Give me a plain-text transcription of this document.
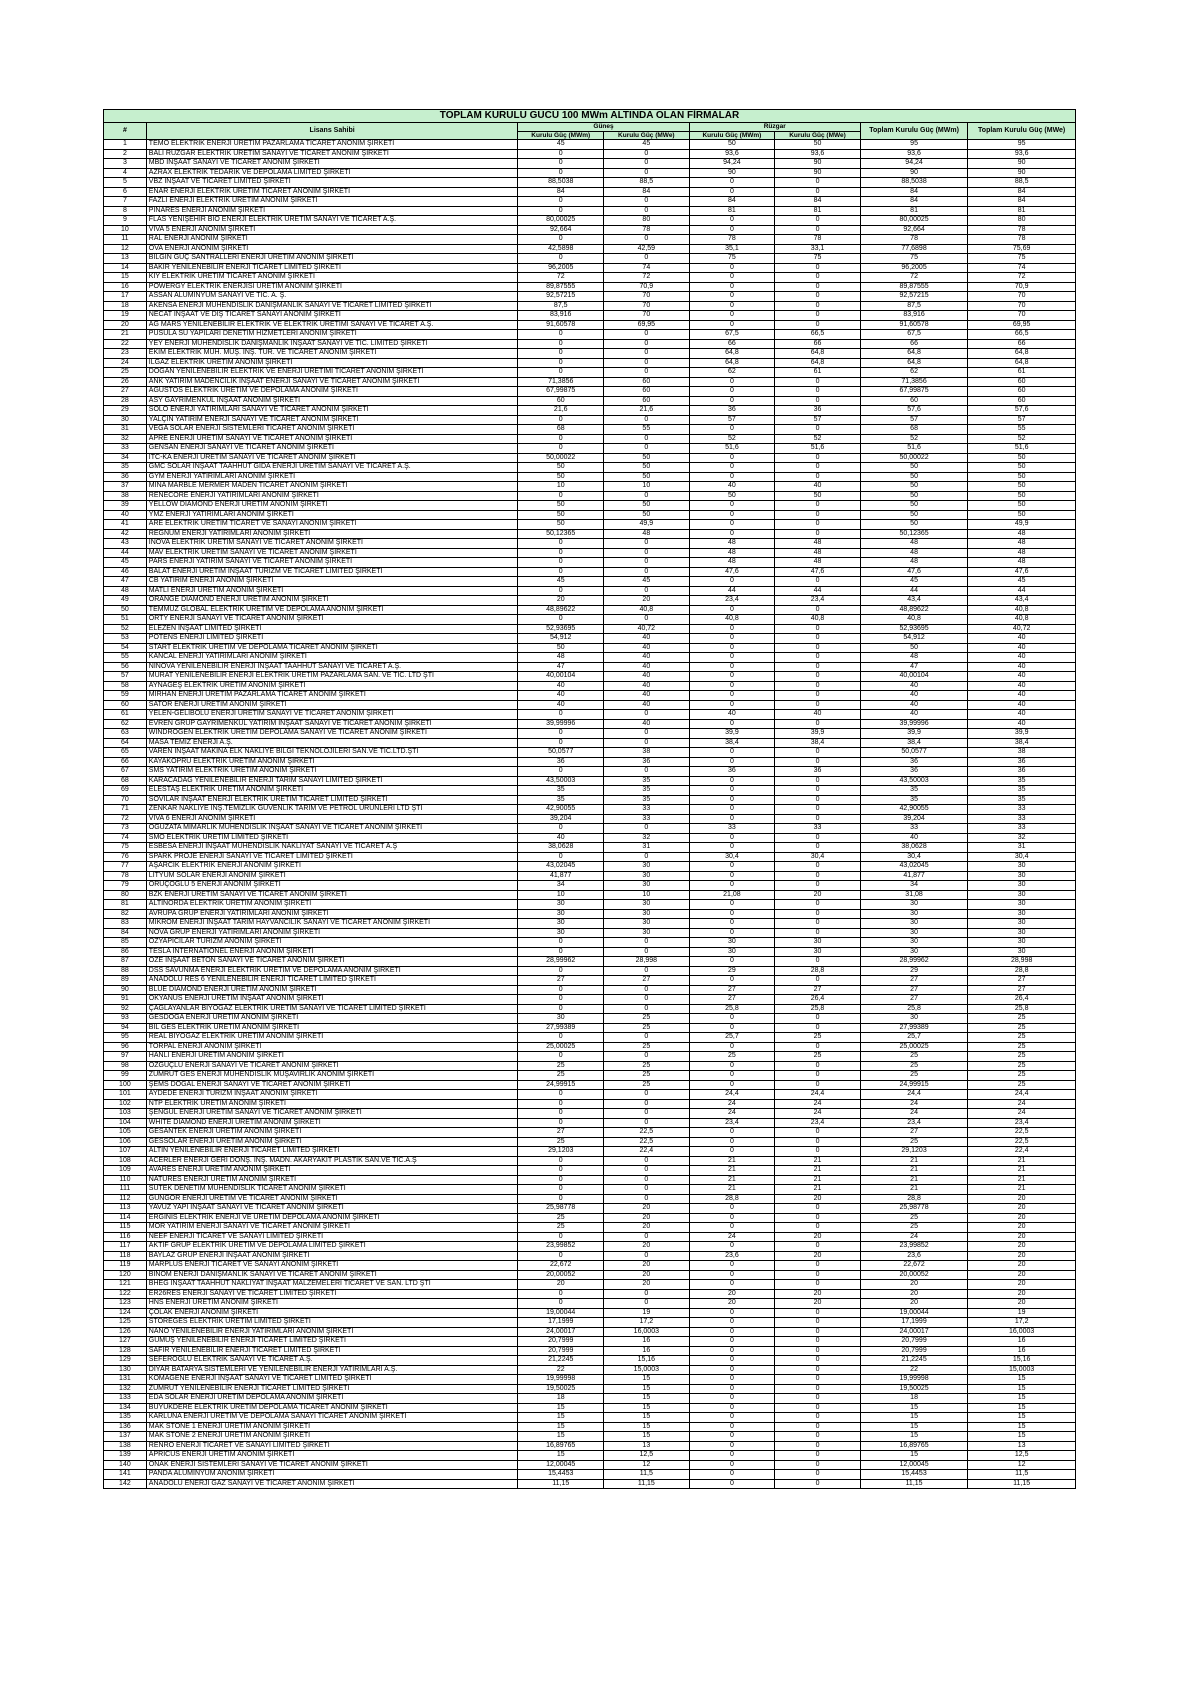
TOPLAM KURULU GÜCÜ 100 MWm ALTINDA OLAN FİRMALAR							
#	Lisans Sahibi	Güneş		Rüzgar		Toplam Kurulu Güç (MWm)	Toplam Kurulu Güç (MWe)
		Kurulu Güç (MWm)	Kurulu Güç (MWe)	Kurulu Güç (MWm)	Kurulu Güç (MWe)		
1	TEMO ELEKTRİK ENERJİ ÜRETİM PAZARLAMA TİCARET ANONİM ŞİRKETİ	45	45	50	50	95	95
2	BALI RÜZGAR ELEKTRİK ÜRETİM SANAYİ VE TİCARET ANONİM ŞİRKETİ	0	0	93,6	93,6	93,6	93,6
3	MBD İNŞAAT SANAYİ VE TİCARET ANONİM ŞİRKETİ	0	0	94,24	90	94,24	90
4	AZRAX ELEKTRİK TEDARİK VE DEPOLAMA LİMİTED ŞİRKETİ	0	0	90	90	90	90
5	VBZ İNŞAAT VE TİCARET LİMİTED ŞİRKETİ	88,5038	88,5	0	0	88,5038	88,5
6	ENAR ENERJİ ELEKTRİK ÜRETİM TİCARET ANONİM ŞİRKETİ	84	84	0	0	84	84
7	FAZLI ENERJİ ELEKTRİK ÜRETİM ANONİM ŞİRKETİ	0	0	84	84	84	84
8	PINARES ENERJİ ANONİM ŞİRKETİ	0	0	81	81	81	81
9	FLAS YENİŞEHİR BİO ENERJİ ELEKTRİK ÜRETİM SANAYİ VE TİCARET A.Ş.	80,00025	80	0	0	80,00025	80
10	VİVA 5 ENERJİ ANONİM ŞİRKETİ	92,664	78	0	0	92,664	78
11	RAL ENERJİ ANONİM ŞİRKETİ	0	0	78	78	78	78
12	OVA ENERJİ ANONİM ŞİRKETİ	42,5898	42,59	35,1	33,1	77,6898	75,69
13	BİLGİN GÜÇ SANTRALLERİ ENERJİ ÜRETİM ANONİM ŞİRKETİ	0	0	75	75	75	75
14	BAKIR YENİLENEBİLİR ENERJİ TİCARET LİMİTED ŞİRKETİ	96,2005	74	0	0	96,2005	74
15	KIY ELEKTRİK ÜRETİM TİCARET ANONİM ŞİRKETİ	72	72	0	0	72	72
16	POWERGY ELEKTRİK ENERJİSİ ÜRETİM ANONİM ŞİRKETİ	89,87555	70,9	0	0	89,87555	70,9
17	ASSAN ALÜMİNYUM SANAYİ VE TİC. A. Ş.	92,57215	70	0	0	92,57215	70
18	AKENSA ENERJİ MÜHENDİSLİK DANIŞMANLIK SANAYİ VE TİCARET LİMİTED ŞİRKETİ	87,5	70	0	0	87,5	70
19	NECAT İNŞAAT VE DIŞ TİCARET SANAYİ ANONİM ŞİRKETİ	83,916	70	0	0	83,916	70
20	AG MARS YENİLENEBİLİR ELEKTRİK VE ELEKTRİK ÜRETİMİ SANAYİ VE TİCARET A.Ş.	91,60578	69,95	0	0	91,60578	69,95
21	PUSULA SU YAPILARI DENETİM HİZMETLERİ ANONİM ŞİRKETİ	0	0	67,5	66,5	67,5	66,5
22	YEY ENERJİ MÜHENDİSLİK DANIŞMANLIK İNŞAAT SANAYİ VE TİC. LİMİTED ŞİRKETİ	0	0	66	66	66	66
23	EKİM ELEKTRİK MÜH. MÜŞ. İNŞ. TUR. VE TİCARET ANONİM ŞİRKETİ	0	0	64,8	64,8	64,8	64,8
24	ILGAZ ELEKTRİK ÜRETİM ANONİM ŞİRKETİ	0	0	64,8	64,8	64,8	64,8
25	DOĞAN YENİLENEBİLİR ELEKTRİK VE ENERJİ ÜRETİMİ TİCARET ANONİM ŞİRKETİ	0	0	62	61	62	61
26	ANK YATIRIM MADENCİLİK İNŞAAT ENERJİ SANAYİ VE TİCARET ANONİM ŞİRKETİ	71,3856	60	0	0	71,3856	60
27	AĞUSTOS ELEKTRİK ÜRETİM VE DEPOLAMA ANONİM ŞİRKETİ	67,99875	60	0	0	67,99875	60
28	ASY GAYRİMENKUL İNŞAAT ANONİM ŞİRKETİ	60	60	0	0	60	60
29	SOLO ENERJİ YATIRIMLARI SANAYİ VE TİCARET ANONİM ŞİRKETİ	21,6	21,6	36	36	57,6	57,6
30	YALÇIN YATIRIM ENERJİ SANAYİ VE TİCARET ANONİM ŞİRKETİ	0	0	57	57	57	57
31	VEGA SOLAR ENERJİ SİSTEMLERİ TİCARET ANONİM ŞİRKETİ	68	55	0	0	68	55
32	APRE ENERJİ ÜRETİM SANAYİ VE TİCARET ANONİM ŞİRKETİ	0	0	52	52	52	52
33	GENSAN ENERJİ SANAYİ VE TİCARET ANONİM ŞİRKETİ	0	0	51,6	51,6	51,6	51,6
34	ITC-KA ENERJİ ÜRETİM SANAYİ VE TİCARET ANONİM ŞİRKETİ	50,00022	50	0	0	50,00022	50
35	GMC SOLAR İNŞAAT TAAHHÜT GIDA ENERJİ ÜRETİM SANAYİ VE TİCARET A.Ş.	50	50	0	0	50	50
36	GYM ENERJİ YATIRIMLARI ANONİM ŞİRKETİ	50	50	0	0	50	50
37	MİNA MARBLE MERMER MADEN TİCARET ANONİM ŞİRKETİ	10	10	40	40	50	50
38	RENECORE ENERJİ YATIRIMLARI ANONİM ŞİRKETİ	0	0	50	50	50	50
39	YELLOW DIAMOND ENERJİ ÜRETİM ANONİM ŞİRKETİ	50	50	0	0	50	50
40	YMZ ENERJİ YATIRIMLARI ANONİM ŞİRKETİ	50	50	0	0	50	50
41	ARE ELEKTRİK ÜRETİM TİCARET VE SANAYİ ANONİM ŞİRKETİ	50	49,9	0	0	50	49,9
42	REGNUM ENERJİ YATIRIMLARI ANONİM ŞİRKETİ	50,12365	48	0	0	50,12365	48
43	İNOVA ELEKTRİK ÜRETİM SANAYİ VE TİCARET ANONİM ŞİRKETİ	0	0	48	48	48	48
44	MAV ELEKTRİK ÜRETİM SANAYİ VE TİCARET ANONİM ŞİRKETİ	0	0	48	48	48	48
45	PARS ENERJİ YATIRIM SANAYİ VE TİCARET ANONİM ŞİRKETİ	0	0	48	48	48	48
46	BALAT ENERJİ ÜRETİM İNŞAAT TURİZM VE TİCARET LİMİTED ŞİRKETİ	0	0	47,6	47,6	47,6	47,6
47	CB YATIRIM ENERJİ ANONİM ŞİRKETİ	45	45	0	0	45	45
48	MATLI ENERJİ ÜRETİM ANONİM ŞİRKETİ	0	0	44	44	44	44
49	ORANGE DIAMOND ENERJİ ÜRETİM ANONİM ŞİRKETİ	20	20	23,4	23,4	43,4	43,4
50	TEMMUZ GLOBAL ELEKTRİK ÜRETİM VE DEPOLAMA ANONİM ŞİRKETİ	48,89622	40,8	0	0	48,89622	40,8
51	ORTY ENERJİ SANAYİ VE TİCARET ANONİM ŞİRKETİ	0	0	40,8	40,8	40,8	40,8
52	ELEZEN İNŞAAT LİMİTED ŞİRKETİ	52,93695	40,72	0	0	52,93695	40,72
53	POTENS ENERJİ LİMİTED ŞİRKETİ	54,912	40	0	0	54,912	40
54	START ELEKTRİK ÜRETİM VE DEPOLAMA TİCARET ANONİM ŞİRKETİ	50	40	0	0	50	40
55	KANCAL ENERJİ YATIRIMLARI ANONİM ŞİRKETİ	48	40	0	0	48	40
56	NİNOVA YENİLENEBİLİR ENERJİ İNŞAAT TAAHHÜT SANAYİ VE TİCARET A.Ş.	47	40	0	0	47	40
57	MURAT YENİLENEBİLİR ENERJİ ELEKTRİK ÜRETİM PAZARLAMA SAN. VE TİC. LTD ŞTİ	40,00104	40	0	0	40,00104	40
58	AYNAGEŞ ELEKTRİK ÜRETİM ANONİM ŞİRKETİ	40	40	0	0	40	40
59	MİRHAN ENERJİ ÜRETİM PAZARLAMA TİCARET ANONİM ŞİRKETİ	40	40	0	0	40	40
60	SATOR ENERJİ ÜRETİM ANONİM ŞİRKETİ	40	40	0	0	40	40
61	YELEN-GELİBOLU ENERJİ ÜRETİM SANAYİ VE TİCARET ANONİM ŞİRKETİ	0	0	40	40	40	40
62	EVREN GRUP GAYRİMENKUL YATIRIM İNŞAAT SANAYİ VE TİCARET ANONİM ŞİRKETİ	39,99996	40	0	0	39,99996	40
63	WINDROGEN ELEKTRİK ÜRETİM DEPOLAMA SANAYİ VE TİCARET ANONİM ŞİRKETİ	0	0	39,9	39,9	39,9	39,9
64	MASA TEMİZ ENERJİ A.Ş.	0	0	38,4	38,4	38,4	38,4
65	VAREN İNŞAAT MAKİNA ELK NAKLİYE BİLGİ TEKNOLOJİLERİ SAN.VE TİC.LTD.ŞTİ	50,0577	38	0	0	50,0577	38
66	KAYAKÖPRÜ ELEKTRİK ÜRETİM ANONİM ŞİRKETİ	36	36	0	0	36	36
67	SMS YATIRIM ELEKTRİK ÜRETİM ANONİM ŞİRKETİ	0	0	36	36	36	36
68	KARACADAĞ YENİLENEBİLİR ENERJİ TARIM SANAYİ LİMİTED ŞİRKETİ	43,50003	35	0	0	43,50003	35
69	ELESTAŞ ELEKTRİK ÜRETİM ANONİM ŞİRKETİ	35	35	0	0	35	35
70	SOVİLAR İNŞAAT ENERJİ ELEKTRİK ÜRETİM TİCARET LİMİTED ŞİRKETİ	35	35	0	0	35	35
71	ZENKAR NAKLİYE İNŞ.TEMİZLİK GÜVENLİK TARIM VE PETROL ÜRÜNLERİ LTD ŞTİ	42,90055	33	0	0	42,90055	33
72	VİVA 6 ENERJİ ANONİM ŞİRKETİ	39,204	33	0	0	39,204	33
73	OĞUZATA MİMARLIK MÜHENDİSLİK İNŞAAT SANAYİ VE TİCARET ANONİM ŞİRKETİ	0	0	33	33	33	33
74	SMO ELEKTRİK ÜRETİM LİMİTED ŞİRKETİ	40	32	0	0	40	32
75	ESBESA ENERJİ İNŞAAT MÜHENDİSLİK NAKLİYAT SANAYİ VE TİCARET A.Ş	38,0628	31	0	0	38,0628	31
76	SPARK PROJE ENERJİ SANAYİ VE TİCARET LİMİTED ŞİRKETİ	0	0	30,4	30,4	30,4	30,4
77	AŞARCIK ELEKTRİK ENERJİ ANONİM ŞİRKETİ	43,02045	30	0	0	43,02045	30
78	LİTYUM SOLAR ENERJİ ANONİM ŞİRKETİ	41,877	30	0	0	41,877	30
79	ORUÇOĞLU 5 ENERJİ ANONİM ŞİRKETİ	34	30	0	0	34	30
80	BZK ENERJİ ÜRETİM SANAYİ VE TİCARET ANONİM ŞİRKETİ	10	10	21,08	20	31,08	30
81	ALTINORDA ELEKTRİK ÜRETİM ANONİM ŞİRKETİ	30	30	0	0	30	30
82	AVRUPA GRUP ENERJİ YATIRIMLARI ANONİM ŞİRKETİ	30	30	0	0	30	30
83	MİKROM ENERJİ İNŞAAT TARIM HAYVANCILIK SANAYİ VE TİCARET ANONİM ŞİRKETİ	30	30	0	0	30	30
84	NOVA GRUP ENERJİ YATIRIMLARI ANONİM ŞİRKETİ	30	30	0	0	30	30
85	ÖZYAPICILAR TURİZM ANONİM ŞİRKETİ	0	0	30	30	30	30
86	TESLA INTERNATIONEL ENERJİ ANONİM ŞİRKETİ	0	0	30	30	30	30
87	OZE İNŞAAT BETON SANAYİ VE TİCARET ANONİM ŞİRKETİ	28,99962	28,998	0	0	28,99962	28,998
88	DSS SAVUNMA ENERJİ ELEKTRİK ÜRETİM VE DEPOLAMA ANONİM ŞİRKETİ	0	0	29	28,8	29	28,8
89	ANADOLU RES 6 YENİLENEBİLİR ENERJİ TİCARET LİMİTED ŞİRKETİ	27	27	0	0	27	27
90	BLUE DIAMOND ENERJİ ÜRETİM ANONİM ŞİRKETİ	0	0	27	27	27	27
91	OKYANUS ENERJİ ÜRETİM İNŞAAT ANONİM ŞİRKETİ	0	0	27	26,4	27	26,4
92	ÇAĞLAYANLAR BİYOGAZ ELEKTRİK ÜRETİM SANAYİ VE TİCARET LİMİTED ŞİRKETİ	0	0	25,8	25,8	25,8	25,8
93	GESDOĞA ENERJİ ÜRETİM ANONİM ŞİRKETİ	30	25	0	0	30	25
94	BİL GES ELEKTRİK ÜRETİM ANONİM ŞİRKETİ	27,99389	25	0	0	27,99389	25
95	REAL BİYOGAZ ELEKTRİK ÜRETİM ANONİM ŞİRKETİ	0	0	25,7	25	25,7	25
96	TORPAL ENERJİ ANONİM ŞİRKETİ	25,00025	25	0	0	25,00025	25
97	HANLI ENERJİ ÜRETİM ANONİM ŞİRKETİ	0	0	25	25	25	25
98	ÖZGÜÇLÜ ENERJİ SANAYİ VE TİCARET ANONİM ŞİRKETİ	25	25	0	0	25	25
99	ZÜMRÜT GES ENERJİ MÜHENDİSLİK MÜŞAVİRLİK ANONİM ŞİRKETİ	25	25	0	0	25	25
100	ŞEMS DOĞAL ENERJİ SANAYİ VE TİCARET ANONİM ŞİRKETİ	24,99915	25	0	0	24,99915	25
101	AYDEDE ENERJİ TURİZM İNŞAAT ANONİM ŞİRKETİ	0	0	24,4	24,4	24,4	24,4
102	NTP ELEKTRİK ÜRETİM ANONİM ŞİRKETİ	0	0	24	24	24	24
103	ŞENGÜL ENERJİ ÜRETİM SANAYİ VE TİCARET ANONİM ŞİRKETİ	0	0	24	24	24	24
104	WHITE DIAMOND ENERJİ ÜRETİM ANONİM ŞİRKETİ	0	0	23,4	23,4	23,4	23,4
105	GESANTEK ENERJİ ÜRETİM ANONİM ŞİRKETİ	27	22,5	0	0	27	22,5
106	GESSOLAR ENERJİ ÜRETİM ANONİM ŞİRKETİ	25	22,5	0	0	25	22,5
107	ALTIN YENİLENEBİLİR ENERJİ TİCARET LİMİTED ŞİRKETİ	29,1203	22,4	0	0	29,1203	22,4
108	ACERLER ENERJİ GERİ DÖNŞ. İNŞ. MADN. AKARYAKIT PLASTİK SAN.VE TİC.A.Ş	0	0	21	21	21	21
109	AVARES ENERJİ ÜRETİM ANONİM ŞİRKETİ	0	0	21	21	21	21
110	NATURES ENERJİ ÜRETİM ANONİM ŞİRKETİ	0	0	21	21	21	21
111	SÜTEK DENETİM MÜHENDİSLİK TİCARET ANONİM ŞİRKETİ	0	0	21	21	21	21
112	GÜNGÖR ENERJİ ÜRETİM VE TİCARET ANONİM ŞİRKETİ	0	0	28,8	20	28,8	20
113	YAVUZ YAPI İNŞAAT SANAYİ VE TİCARET ANONİM ŞİRKETİ	25,98778	20	0	0	25,98778	20
114	ERGİNİS ELEKTRİK ENERJİ VE ÜRETİM DEPOLAMA ANONİM ŞİRKETİ	25	20	0	0	25	20
115	MOR YATIRIM ENERJİ SANAYİ VE TİCARET ANONİM ŞİRKETİ	25	20	0	0	25	20
116	NEEF ENERJİ TİCARET VE SANAYİ LİMİTED ŞİRKETİ	0	0	24	20	24	20
117	AKTİF GRUP ELEKTRİK ÜRETİM VE DEPOLAMA LİMİTED ŞİRKETİ	23,99852	20	0	0	23,99852	20
118	BAYLAZ GRUP ENERJİ İNŞAAT ANONİM ŞİRKETİ	0	0	23,6	20	23,6	20
119	MARPLUS ENERJİ TİCARET VE SANAYİ ANONİM ŞİRKETİ	22,672	20	0	0	22,672	20
120	BİNOM ENERJİ DANIŞMANLIK SANAYİ VE TİCARET ANONİM ŞİRKETİ	20,00052	20	0	0	20,00052	20
121	BHEG İNŞAAT TAAHHÜT NAKLİYAT İNŞAAT MALZEMELERİ TİCARET VE SAN. LTD ŞTİ	20	20	0	0	20	20
122	ER26RES ENERJİ SANAYİ VE TİCARET LİMİTED ŞİRKETİ	0	0	20	20	20	20
123	HNS ENERJİ ÜRETİM ANONİM ŞİRKETİ	0	0	20	20	20	20
124	ÇOLAK ENERJİ ANONİM ŞİRKETİ	19,00044	19	0	0	19,00044	19
125	STOREGES ELEKTRİK ÜRETİM LİMİTED ŞİRKETİ	17,1999	17,2	0	0	17,1999	17,2
126	NANO YENİLENEBİLİR ENERJİ YATIRIMLARI ANONİM ŞİRKETİ	24,00017	16,0003	0	0	24,00017	16,0003
127	GÜMÜŞ YENİLENEBİLİR ENERJİ TİCARET LİMİTED ŞİRKETİ	20,7999	16	0	0	20,7999	16
128	SAFİR YENİLENEBİLİR ENERJİ TİCARET LİMİTED ŞİRKETİ	20,7999	16	0	0	20,7999	16
129	SEFEROĞLU ELEKTRİK SANAYİ VE TİCARET A.Ş.	21,2245	15,16	0	0	21,2245	15,16
130	DİYAR BATARYA SİSTEMLERİ VE YENİLENEBİLİR ENERJİ YATIRIMLARI A.Ş.	22	15,0003	0	0	22	15,0003
131	KOMAGENE ENERJİ İNŞAAT SANAYİ VE TİCARET LİMİTED ŞİRKETİ	19,99998	15	0	0	19,99998	15
132	ZÜMRÜT YENİLENEBİLİR ENERJİ TİCARET LİMİTED ŞİRKETİ	19,50025	15	0	0	19,50025	15
133	EDA SOLAR ENERJİ ÜRETİM DEPOLAMA ANONİM ŞİRKETİ	18	15	0	0	18	15
134	BÜYÜKDERE ELEKTRİK ÜRETİM DEPOLAMA TİCARET ANONİM ŞİRKETİ	15	15	0	0	15	15
135	KARLUNA ENERJİ ÜRETİM VE DEPOLAMA SANAYİ TİCARET ANONİM ŞİRKETİ	15	15	0	0	15	15
136	MAK STONE 1 ENERJİ ÜRETİM ANONİM ŞİRKETİ	15	15	0	0	15	15
137	MAK STONE 2 ENERJİ ÜRETİM ANONİM ŞİRKETİ	15	15	0	0	15	15
138	RENRO ENERJİ TİCARET VE SANAYİ LİMİTED ŞİRKETİ	16,89765	13	0	0	16,89765	13
139	APRİCUS ENERJİ ÜRETİM ANONİM ŞİRKETİ	15	12,5	0	0	15	12,5
140	ONAK ENERJİ SİSTEMLERİ SANAYİ VE TİCARET ANONİM ŞİRKETİ	12,00045	12	0	0	12,00045	12
141	PANDA ALÜMİNYUM ANONİM ŞİRKETİ	15,4453	11,5	0	0	15,4453	11,5
142	ANADOLU ENERJİ GAZ SANAYİ VE TİCARET ANONİM ŞİRKETİ	11,15	11,15	0	0	11,15	11,15
